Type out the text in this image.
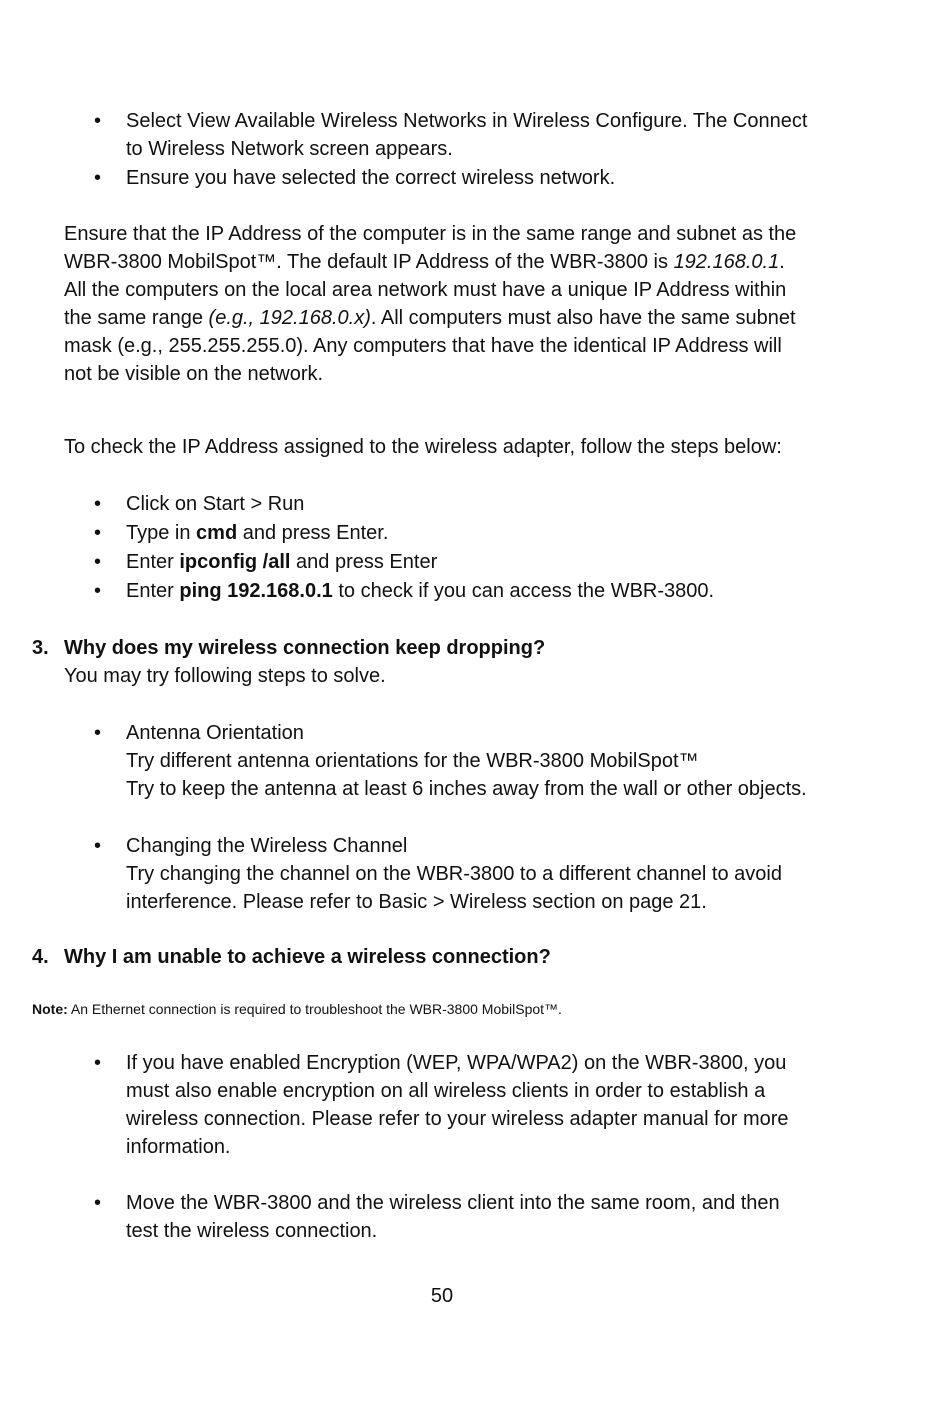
• Select View Available Wireless Networks in Wireless Configure. The Connect
to Wireless Network screen appears.
• Ensure you have selected the correct wireless network.
Ensure that the IP Address of the computer is in the same range and subnet as the
WBR-3800 MobilSpot™. The default IP Address of the WBR-3800 is 192.168.0.1.
All the computers on the local area network must have a unique IP Address within
the same range (e.g., 192.168.0.x). All computers must also have the same subnet
mask (e.g., 255.255.255.0). Any computers that have the identical IP Address will
not be visible on the network.
To check the IP Address assigned to the wireless adapter, follow the steps below:
• Click on Start > Run
• Type in cmd and press Enter.
• Enter ipconfig /all and press Enter
• Enter ping 192.168.0.1 to check if you can access the WBR-3800.
3. Why does my wireless connection keep dropping?
You may try following steps to solve.
• Antenna Orientation
Try different antenna orientations for the WBR-3800 MobilSpot™
Try to keep the antenna at least 6 inches away from the wall or other objects.
• Changing the Wireless Channel
Try changing the channel on the WBR-3800 to a different channel to avoid
interference. Please refer to Basic > Wireless section on page 21.
4. Why I am unable to achieve a wireless connection?
Note: An Ethernet connection is required to troubleshoot the WBR-3800 MobilSpot™.
• If you have enabled Encryption (WEP, WPA/WPA2) on the WBR-3800, you
must also enable encryption on all wireless clients in order to establish a
wireless connection. Please refer to your wireless adapter manual for more
information.
• Move the WBR-3800 and the wireless client into the same room, and then
test the wireless connection.
50
